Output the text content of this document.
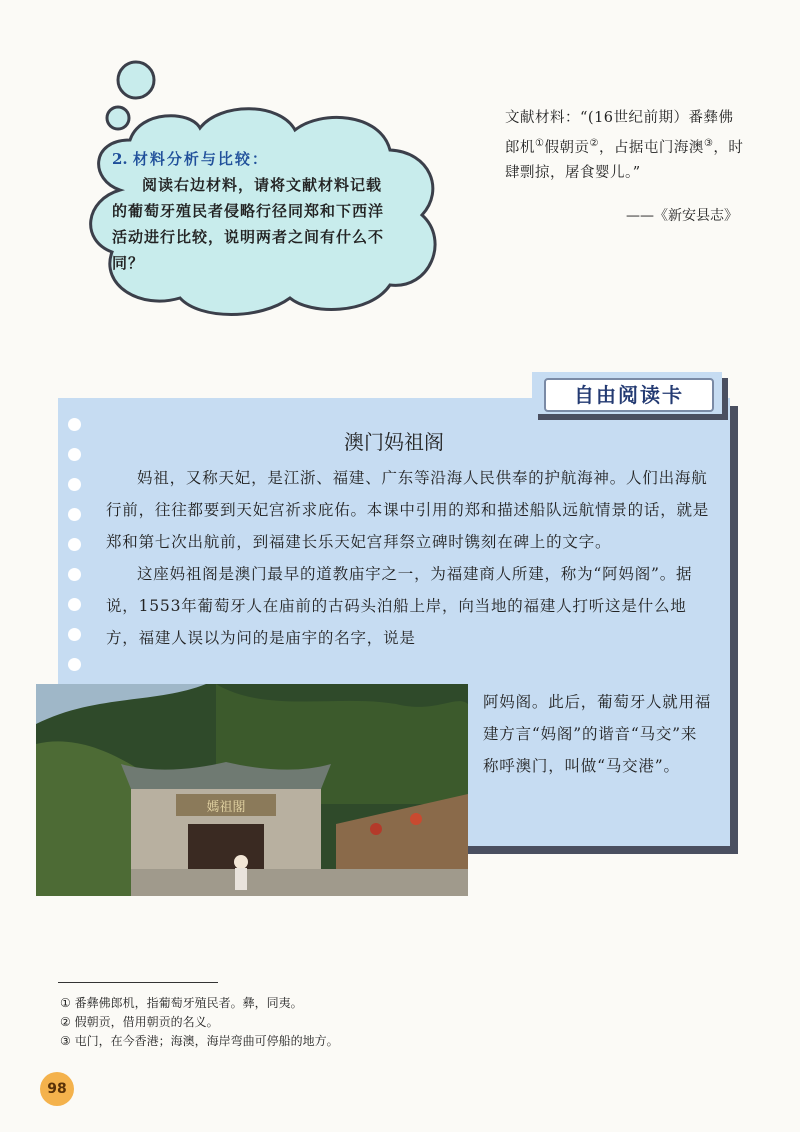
2. 材料分析与比较：
阅读右边材料，请将文献材料记载的葡萄牙殖民者侵略行径同郑和下西洋活动进行比较，说明两者之间有什么不同？
文献材料：“(16世纪前期）番彝佛郎机①假朝贡②，占据屯门海澳③，时肆剽掠，屠食婴儿。”
——《新安县志》
自由阅读卡
澳门妈祖阁

妈祖，又称天妃，是江浙、福建、广东等沿海人民供奉的护航海神。人们出海航行前，往往都要到天妃宫祈求庇佑。本课中引用的郑和描述船队远航情景的话，就是郑和第七次出航前，到福建长乐天妃宫拜祭立碑时镌刻在碑上的文字。

这座妈祖阁是澳门最早的道教庙宇之一，为福建商人所建，称为“阿妈阁”。据说，1553年葡萄牙人在庙前的古码头泊船上岸，向当地的福建人打听这是什么地方，福建人误以为问的是庙宇的名字，说是

阿妈阁。此后，葡萄牙人就用福建方言“妈阁”的谐音“马交”来称呼澳门，叫做“马交港”。
媽祖閣
① 番彝佛郎机，指葡萄牙殖民者。彝，同夷。
② 假朝贡，借用朝贡的名义。
③ 屯门，在今香港；海澳，海岸弯曲可停船的地方。
98
